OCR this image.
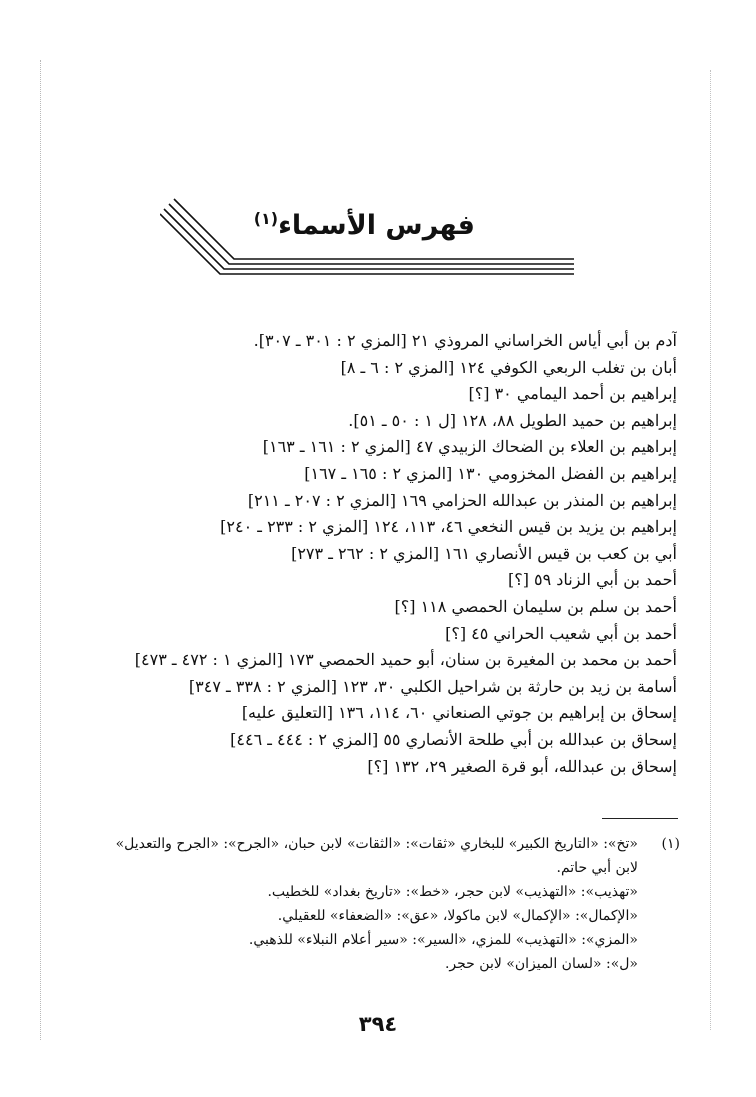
فهرس الأسماء$^{(١)}$
آدم بن أبي أياس الخراساني المروذي ٢١ [المزي ٢ : ٣٠١ ـ ٣٠٧].
أبان بن تغلب الربعي الكوفي ١٢٤ [المزي ٢ : ٦ ـ ٨]
إبراهيم بن أحمد اليمامي ٣٠ [؟]
إبراهيم بن حميد الطويل ٨٨، ١٢٨ [ل ١ : ٥٠ ـ ٥١].
إبراهيم بن العلاء بن الضحاك الزبيدي ٤٧ [المزي ٢ : ١٦١ ـ ١٦٣]
إبراهيم بن الفضل المخزومي ١٣٠ [المزي ٢ : ١٦٥ ـ ١٦٧]
إبراهيم بن المنذر بن عبدالله الحزامي ١٦٩ [المزي ٢ : ٢٠٧ ـ ٢١١]
إبراهيم بن يزيد بن قيس النخعي ٤٦، ١١٣، ١٢٤ [المزي ٢ : ٢٣٣ ـ ٢٤٠]
أبي بن كعب بن قيس الأنصاري ١٦١ [المزي ٢ : ٢٦٢ ـ ٢٧٣]
أحمد بن أبي الزناد ٥٩ [؟]
أحمد بن سلم بن سليمان الحمصي ١١٨ [؟]
أحمد بن أبي شعيب الحراني ٤٥ [؟]
أحمد بن محمد بن المغيرة بن سنان، أبو حميد الحمصي ١٧٣ [المزي ١ : ٤٧٢ ـ ٤٧٣]
أسامة بن زيد بن حارثة بن شراحيل الكلبي ٣٠، ١٢٣ [المزي ٢ : ٣٣٨ ـ ٣٤٧]
إسحاق بن إبراهيم بن جوتي الصنعاني ٦٠، ١١٤، ١٣٦ [التعليق عليه]
إسحاق بن عبدالله بن أبي طلحة الأنصاري ٥٥ [المزي ٢ : ٤٤٤ ـ ٤٤٦]
إسحاق بن عبدالله، أبو قرة الصغير ٢٩، ١٣٢ [؟]
(١)
«تخ»: «التاريخ الكبير» للبخاري «ثقات»: «الثقات» لابن حبان، «الجرح»: «الجرح والتعديل»
لابن أبي حاتم.
«تهذيب»: «التهذيب» لابن حجر، «خط»: «تاريخ بغداد» للخطيب.
«الإكمال»: «الإكمال» لابن ماكولا، «عق»: «الضعفاء» للعقيلي.
«المزي»: «التهذيب» للمزي، «السير»: «سير أعلام النبلاء» للذهبي.
«ل»: «لسان الميزان» لابن حجر.
٣٩٤
